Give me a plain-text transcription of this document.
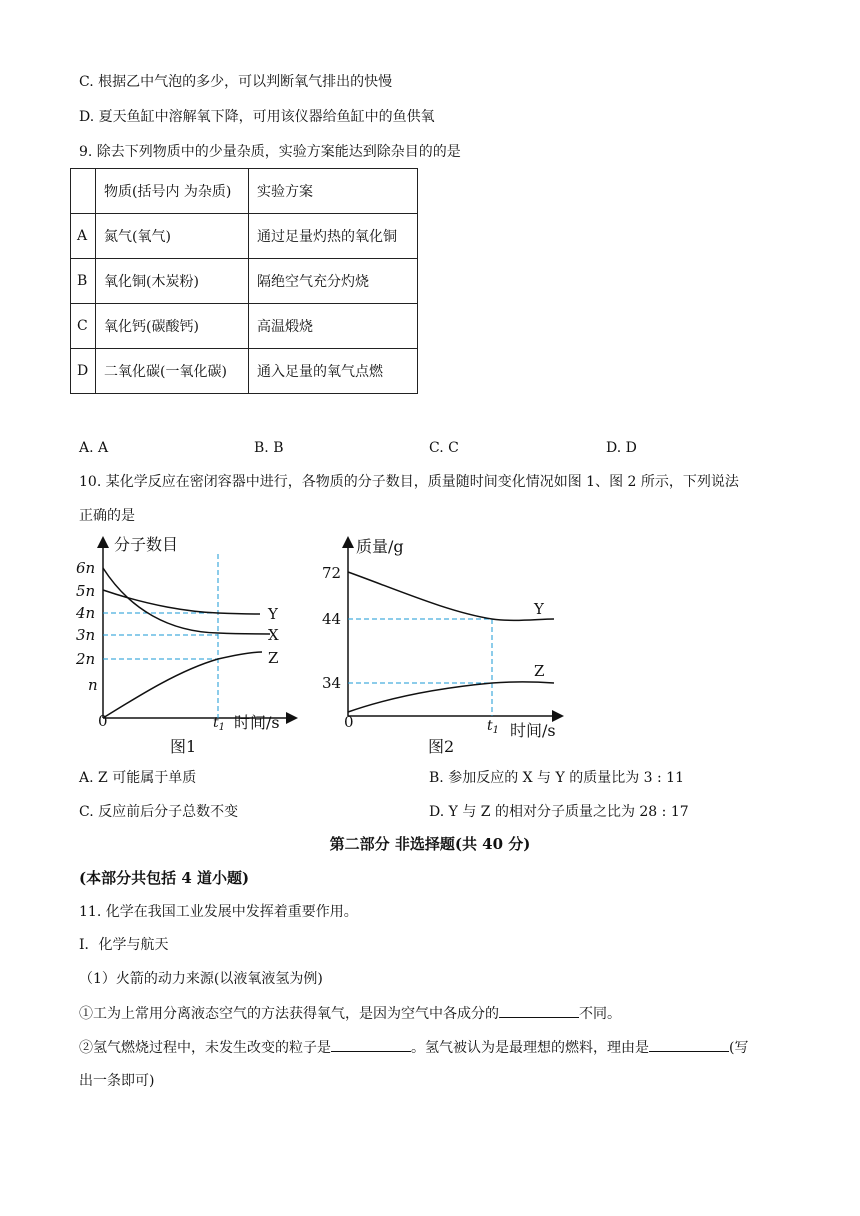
C. 根据乙中气泡的多少，可以判断氧气排出的快慢
D. 夏天鱼缸中溶解氧下降，可用该仪器给鱼缸中的鱼供氧
9. 除去下列物质中的少量杂质，实验方案能达到除杂目的的是
	物质(括号内 为杂质)	实验方案
A	氮气(氧气)	通过足量灼热的氧化铜
B	氧化铜(木炭粉)	隔绝空气充分灼烧
C	氧化钙(碳酸钙)	高温煅烧
D	二氧化碳(一氧化碳)	通入足量的氧气点燃
A. A	B. B	C. C	D. D
10. 某化学反应在密闭容器中进行，各物质的分子数目，质量随时间变化情况如图 1、图 2 所示，下列说法
正确的是
分子数目
6n
5n
4n
3n
2n
n
0	$t_1$ 时间/s
图1
Y
X
Z
质量/g
72
44
34
0	$t_1$ 时间/s
图2
Y
Z
A. Z 可能属于单质	B. 参加反应的 X 与 Y 的质量比为 3 : 11
C. 反应前后分子总数不变	D. Y 与 Z 的相对分子质量之比为 28 : 17
第二部分 非选择题(共 40 分)
(本部分共包括 4 道小题)
11. 化学在我国工业发展中发挥着重要作用。
Ⅰ．化学与航天
（1）火箭的动力来源(以液氧液氢为例)
①工为上常用分离液态空气的方法获得氧气，是因为空气中各成分的	不同。
②氢气燃烧过程中，未发生改变的粒子是	。氢气被认为是最理想的燃料，理由是	(写
出一条即可)
